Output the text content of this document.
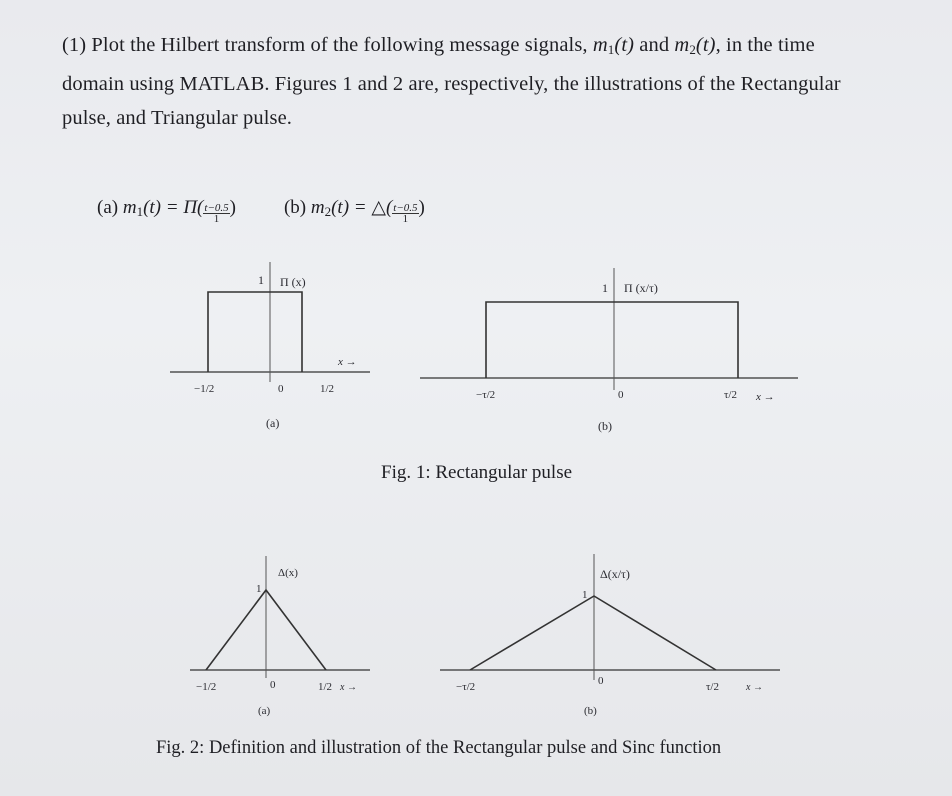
(1) Plot the Hilbert transform of the following message signals, $m_1(t)$ and $m_2(t)$, in the time
domain using MATLAB. Figures 1 and 2 are, respectively, the illustrations of the Rectangular
pulse, and Triangular pulse.
(a) $m_1(t) = \Pi( \frac{t-0.5}{1}$ )	(b) $m_2(t)$ = △( $\frac{t-0.5}{1}$ )
1 Π (x)
−1/2	0	1/2
x →
(a)
1 Π (x/τ)
−τ/2	0	τ/2 x →
(b)
Fig. 1: Rectangular pulse
1
Δ(x)
−1/2	0	1/2 x →
(a)
1
Δ(x/τ)
−τ/2	0	τ/2	x →
(b)
Fig. 2: Definition and illustration of the Rectangular pulse and Sinc function
